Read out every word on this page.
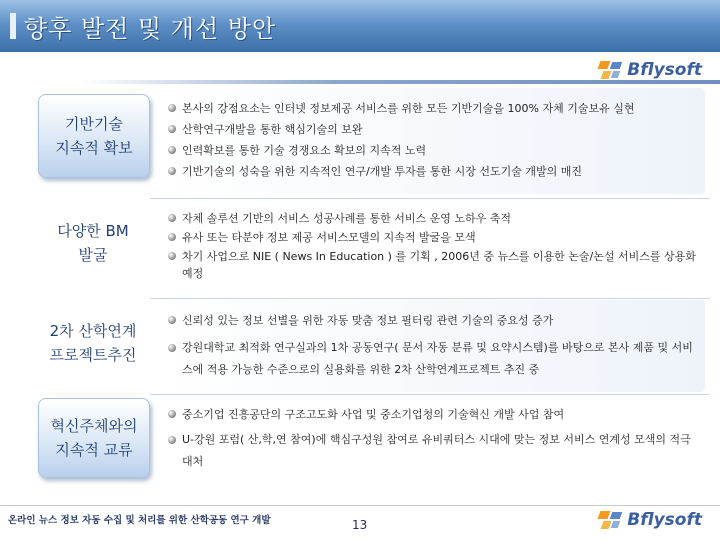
향후 발전 및 개선 방안
Bflysoft
기반기술
지속적 확보
본사의 강점요소는 인터넷 정보제공 서비스를 위한 모든 기반기술을 100% 자체 기술보유 실현
산학연구개발을 통한 핵심기술의 보완
인력확보를 통한 기술 경쟁요소 확보의 지속적 노력
기반기술의 성숙을 위한 지속적인 연구/개발 투자를 통한 시장 선도기술 개발의 매진
다양한 BM
발굴
자체 솔루션 기반의 서비스 성공사례를 통한 서비스 운영 노하우 축적
유사 또는 타분야 정보 제공 서비스모델의 지속적 발굴을 모색
차기 사업으로 NIE ( News In Education ) 를 기획 , 2006년 중 뉴스를 이용한 논술/논설 서비스를 상용화 예정
2차 산학연계
프로젝트추진
신뢰성 있는 정보 선별을 위한 자동 맞춤 정보 필터링 관련 기술의 중요성 증가
강원대학교 최적화 연구실과의 1차 공동연구( 문서 자동 분류 및 요약시스템)를 바탕으로 본사 제품 및 서비스에 적용 가능한 수준으로의 실용화를 위한 2차 산학연계프로젝트 추진 중
혁신주체와의
지속적 교류
중소기업 진흥공단의 구조고도화 사업 및 중소기업청의 기술혁신 개발 사업 참여
U-강원 포럼( 산,학,연 참여)에 핵심구성원 참여로 유비쿼터스 시대에 맞는 정보 서비스 연계성 모색의 적극 대처
온라인 뉴스 정보 자동 수집 및 처리를 위한 산학공동 연구 개발	13	Bflysoft
